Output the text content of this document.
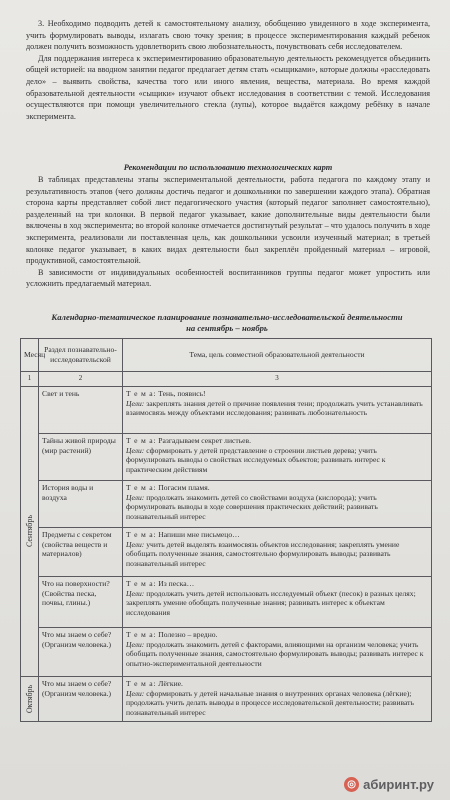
3. Необходимо подводить детей к самостоятельному анализу, обобщению увиденного в ходе эксперимента, учить формулировать выводы, излагать свою точку зрения; в процессе экспериментирования каждый ребенок должен получить возможность удовлетворить свою любознательность, почувствовать себя исследователем.

Для поддержания интереса к экспериментированию образовательную деятельность рекомендуется объединить общей историей: на вводном занятии педагог предлагает детям стать «сыщиками», которые должны «расследовать дело» – выявить свойства, качества того или иного явления, вещества, материала. Во время каждой образовательной деятельности «сыщики» изучают объект исследования в соответствии с темой. Исследования осуществляются при помощи увеличительного стекла (лупы), которое выдаётся каждому ребёнку в начале эксперимента.

Рекомендации по использованию технологических карт

В таблицах представлены этапы экспериментальной деятельности, работа педагога по каждому этапу и результативность этапов (чего должны достичь педагог и дошкольники по завершении каждого этапа). Обратная сторона карты представляет собой лист педагогического участия (который педагог заполняет самостоятельно), разделенный на три колонки. В первой педагог указывает, какие дополнительные виды деятельности были включены в ход эксперимента; во второй колонке отмечается достигнутый результат – что удалось получить в ходе эксперимента, реализовали ли поставленная цель, как дошкольники усвоили изученный материал; в третьей колонке педагог указывает, в каких видах деятельности был закреплён пройденный материал – игровой, продуктивной, самостоятельной.

В зависимости от индивидуальных особенностей воспитанников группы педагог может упростить или усложнить предлагаемый материал.

Календарно-тематическое планирование познавательно-исследовательской деятельности
на сентябрь – ноябрь
Месяц	Раздел познавательно-исследовательской	Тема, цель совместной образовательной деятельности
1	2	3

Сентябрь	Свет и тень	Т е м а: Тень, появись!
Цели: закреплять знания детей о причине появления тени; продолжать учить устанавливать взаимосвязь между объектами исследования; развивать любознательность
	Тайны живой природы (мир растений)	Т е м а: Разгадываем секрет листьев.
Цели: сформировать у детей представление о строении листьев дерева; учить формулировать выводы о свойствах исследуемых объектов; развивать интерес к практическим действиям
	История воды и воздуха	Т е м а: Погасим пламя.
Цели: продолжать знакомить детей со свойствами воздуха (кислорода); учить формулировать выводы в ходе совершения практических действий; развивать познавательный интерес
	Предметы с секретом (свойства веществ и материалов)	Т е м а: Напиши мне письмецо…
Цели: учить детей выделять взаимосвязь объектов исследования; закреплять умение обобщать полученные знания, самостоятельно формулировать выводы; развивать познавательный интерес
	Что на поверхности? (Свойства песка, почвы, глины.)	Т е м а: Из песка…
Цели: продолжать учить детей использовать исследуемый объект (песок) в разных целях; закреплять умение обобщать полученные знания; развивать интерес к объектам исследования
	Что мы знаем о себе? (Организм человека.)	Т е м а: Полезно – вредно.
Цели: продолжать знакомить детей с факторами, влияющими на организм человека; учить обобщать полученные знания, самостоятельно формулировать выводы; развивать интерес к опытно-экспериментальной деятельности

Октябрь	Что мы знаем о себе? (Организм человека.)	Т е м а: Лёгкие.
Цели: сформировать у детей начальные знания о внутренних органах человека (лёгкие); продолжать учить делать выводы в процессе исследовательской деятельности; развивать познавательный интерес
◎ абиринт.ру
